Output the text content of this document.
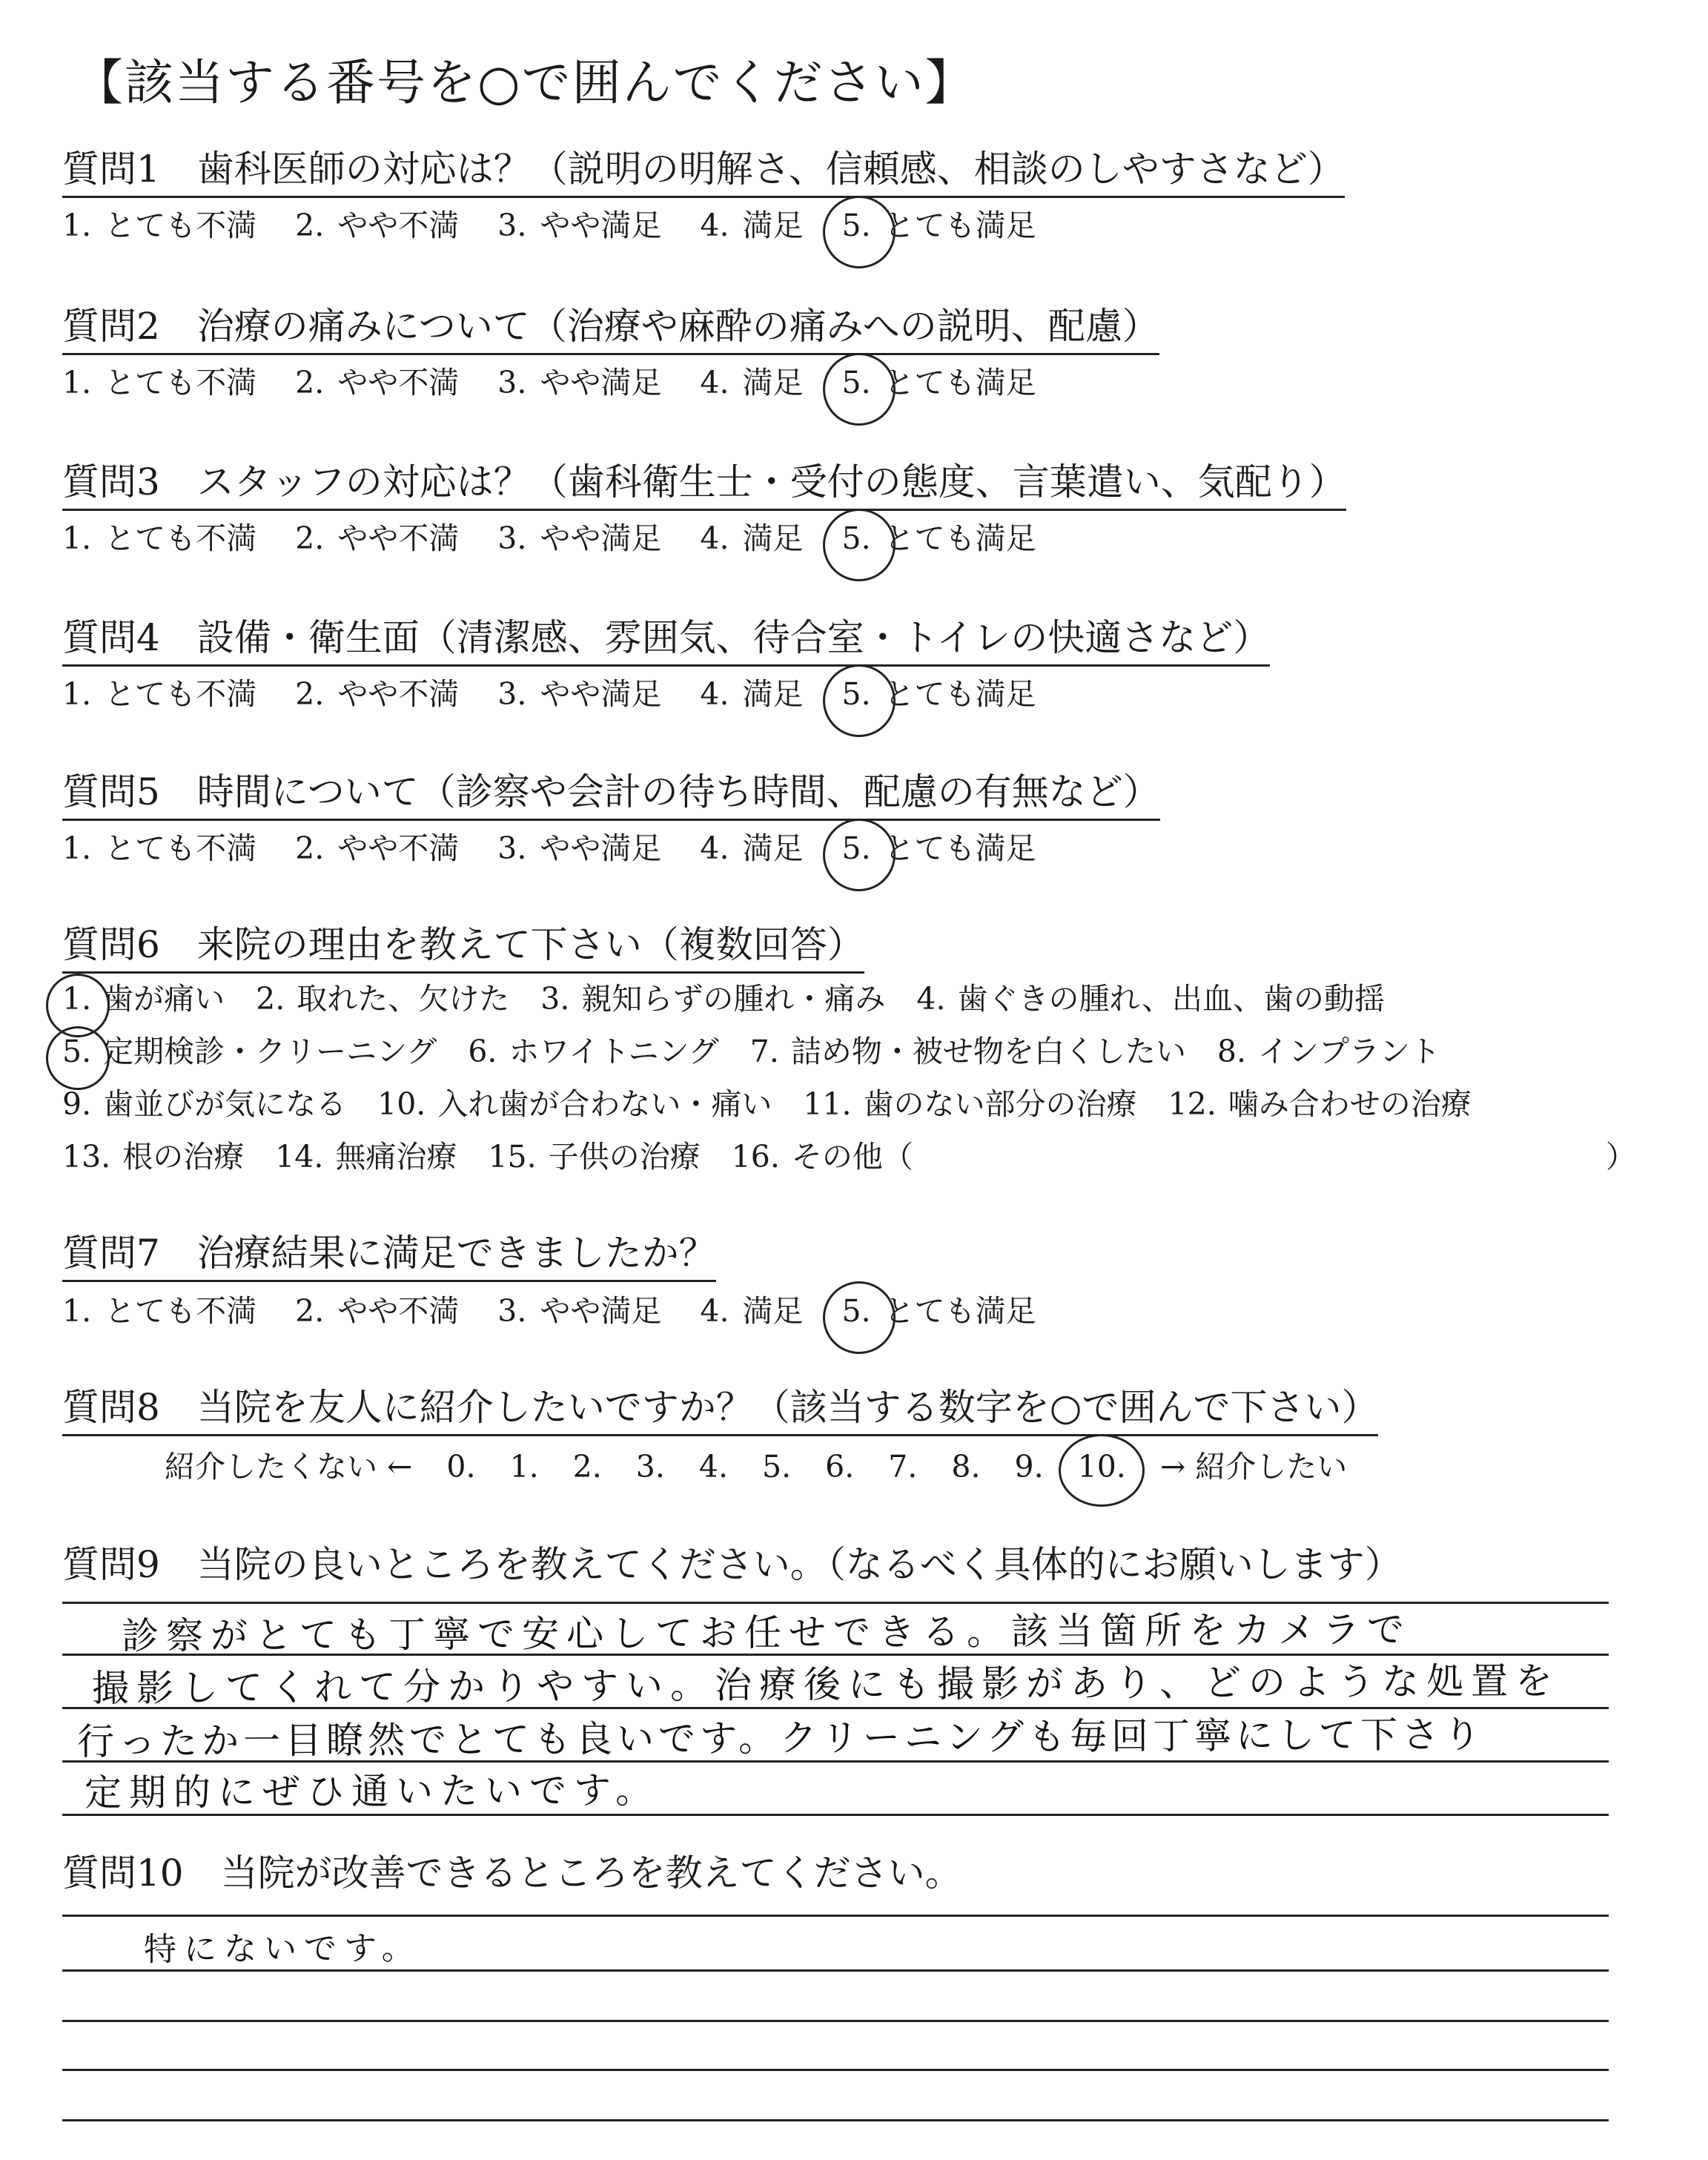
【該当する番号を○で囲んでください】
質問1　歯科医師の対応は？（説明の明解さ、信頼感、相談のしやすさなど）
1. とても不満 2. やや不満 3. やや満足 4. 満足 5. とても満足
質問2　治療の痛みについて（治療や麻酔の痛みへの説明、配慮）
1. とても不満 2. やや不満 3. やや満足 4. 満足 5. とても満足
質問3　スタッフの対応は？（歯科衛生士・受付の態度、言葉遣い、気配り）
1. とても不満 2. やや不満 3. やや満足 4. 満足 5. とても満足
質問4　設備・衛生面（清潔感、雰囲気、待合室・トイレの快適さなど）
1. とても不満 2. やや不満 3. やや満足 4. 満足 5. とても満足
質問5　時間について（診察や会計の待ち時間、配慮の有無など）
1. とても不満 2. やや不満 3. やや満足 4. 満足 5. とても満足
質問6　来院の理由を教えて下さい（複数回答）
1. 歯が痛い 2. 取れた、欠けた 3. 親知らずの腫れ・痛み 4. 歯ぐきの腫れ、出血、歯の動揺
5. 定期検診・クリーニング 6. ホワイトニング 7. 詰め物・被せ物を白くしたい 8. インプラント
9. 歯並びが気になる 10. 入れ歯が合わない・痛い 11. 歯のない部分の治療 12. 噛み合わせの治療
13. 根の治療 14. 無痛治療 15. 子供の治療 16. その他（	）
質問7　治療結果に満足できましたか？
1. とても不満 2. やや不満 3. やや満足 4. 満足 5. とても満足
質問8　当院を友人に紹介したいですか？（該当する数字を○で囲んで下さい）
紹介したくない ← 0. 1. 2. 3. 4. 5. 6. 7. 8. 9. 10. → 紹介したい
質問9　当院の良いところを教えてください。（なるべく具体的にお願いします）
診察がとても丁寧で安心してお任せできる。該当箇所をカメラで
撮影してくれて分かりやすい。治療後にも撮影があり、どのような処置を
行ったか一目瞭然でとても良いです。クリーニングも毎回丁寧にして下さり
定期的にぜひ通いたいです。
質問10　当院が改善できるところを教えてください。
特にないです。
